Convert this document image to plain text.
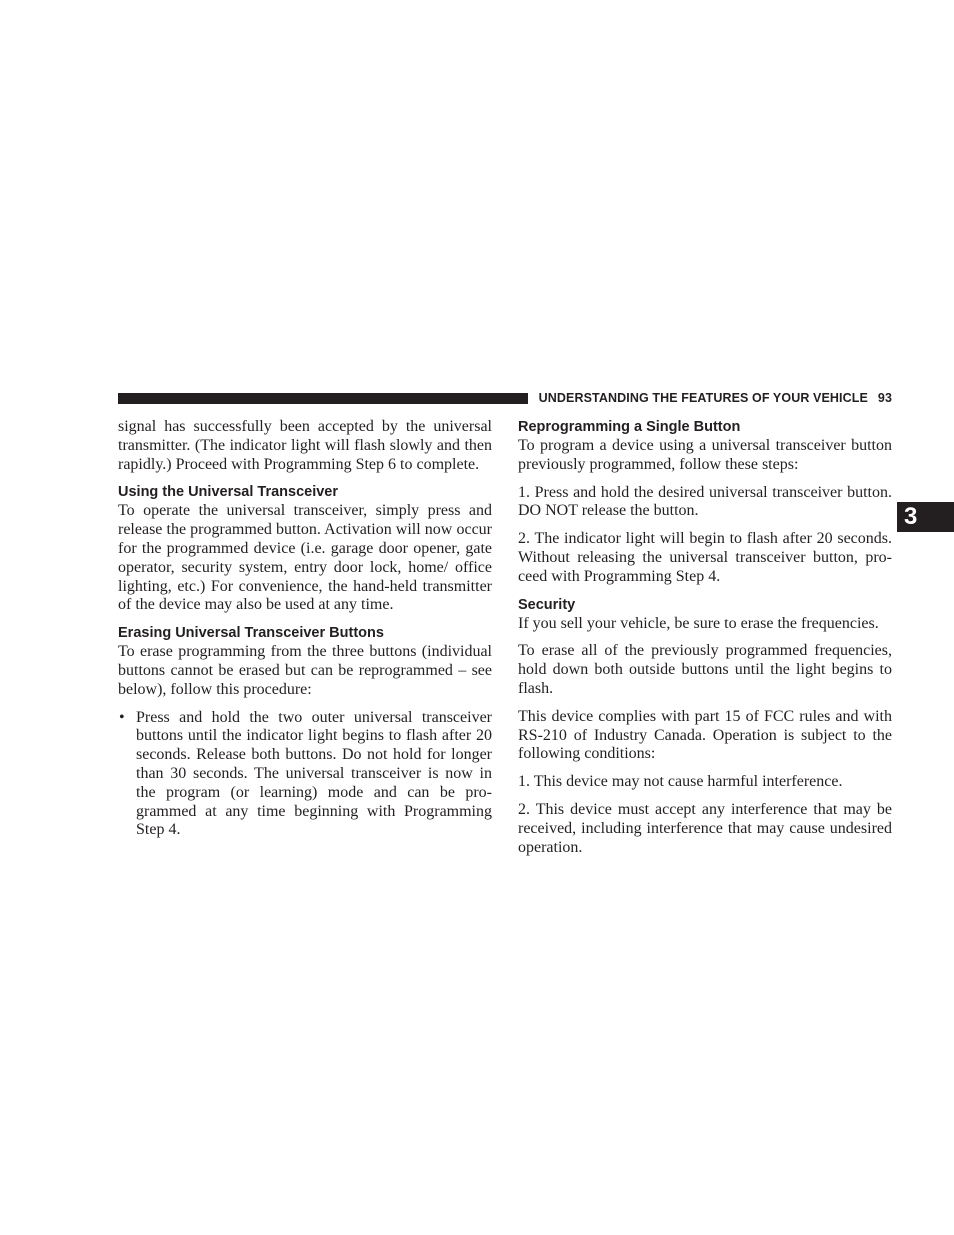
UNDERSTANDING THE FEATURES OF YOUR VEHICLE 93
3

signal has successfully been accepted by the universal transmitter. (The indicator light will flash slowly and then rapidly.) Proceed with Programming Step 6 to complete.

Using the Universal Transceiver

To operate the universal transceiver, simply press and release the programmed button. Activation will now occur for the programmed device (i.e. garage door opener, gate operator, security system, entry door lock, home/ office lighting, etc.) For convenience, the hand-held transmitter of the device may also be used at any time.

Erasing Universal Transceiver Buttons

To erase programming from the three buttons (individual buttons cannot be erased but can be reprogrammed – see below), follow this procedure:

• Press and hold the two outer universal transceiver buttons until the indicator light begins to flash after 20 seconds. Release both buttons. Do not hold for longer than 30 seconds. The universal transceiver is now in the program (or learning) mode and can be programmed at any time beginning with Programming Step 4.

Reprogramming a Single Button

To program a device using a universal transceiver button previously programmed, follow these steps:

1. Press and hold the desired universal transceiver button. DO NOT release the button.

2. The indicator light will begin to flash after 20 seconds. Without releasing the universal transceiver button, proceed with Programming Step 4.

Security

If you sell your vehicle, be sure to erase the frequencies.

To erase all of the previously programmed frequencies, hold down both outside buttons until the light begins to flash.

This device complies with part 15 of FCC rules and with RS-210 of Industry Canada. Operation is subject to the following conditions:

1. This device may not cause harmful interference.

2. This device must accept any interference that may be received, including interference that may cause undesired operation.
